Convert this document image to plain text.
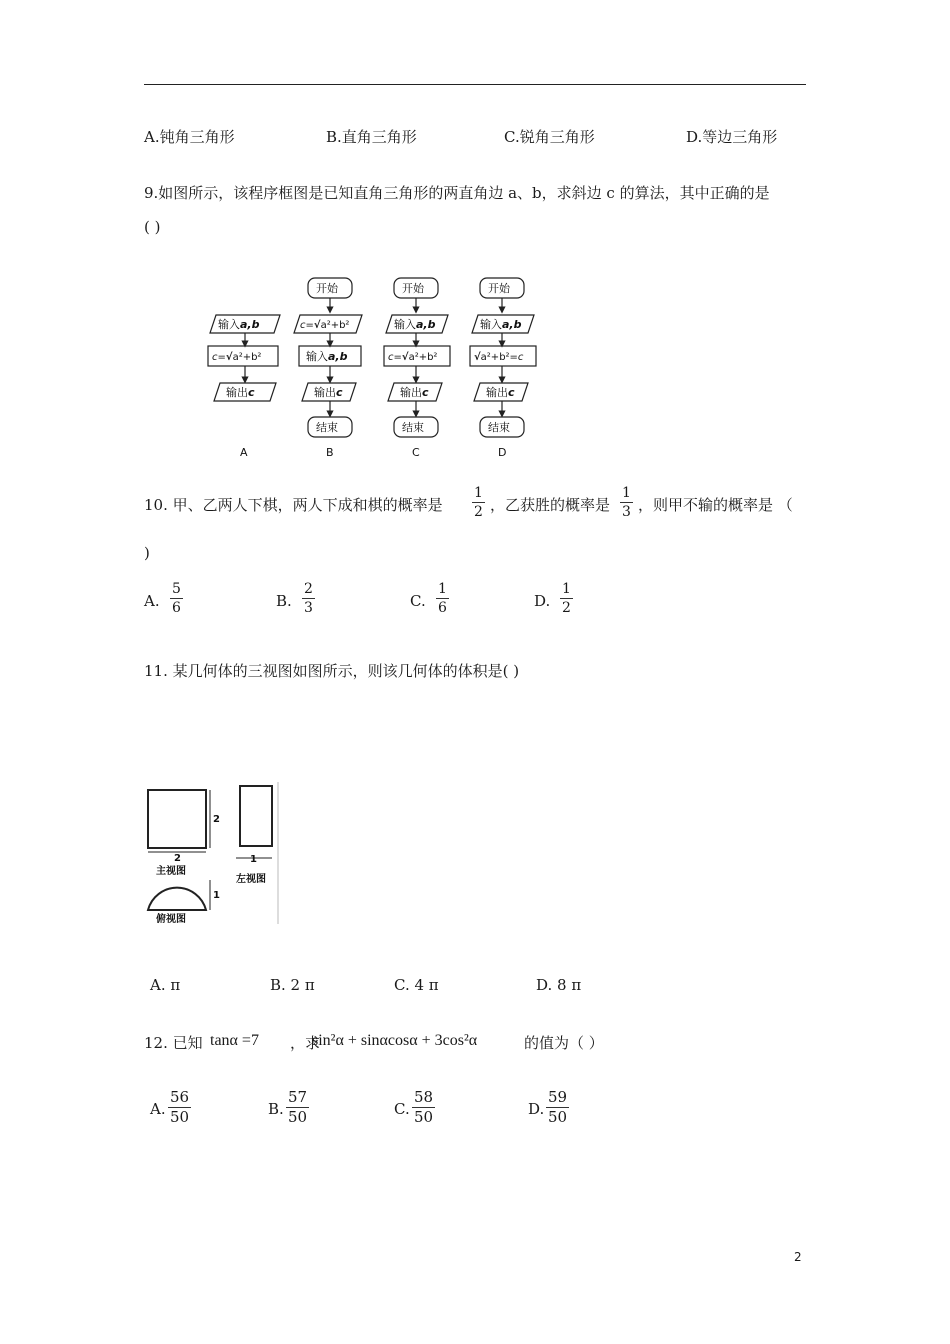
A.钝角三角形	B.直角三角形	C.锐角三角形	D.等边三角形
9.如图所示，该程序框图是已知直角三角形的两直角边 a、b，求斜边 c 的算法，其中正确的是
( )
输入a,b
c=√a²+b²
输出c
开始
c=√a²+b²
输入a,b
输出c
结束
开始
输入a,b
c=√a²+b²
输出c
结束
开始
输入a,b
√a²+b²=c
输出c
结束
A	B	C	D
10. 甲、乙两人下棋，两人下成和棋的概率是
1
2 ，乙获胜的概率是
1
3 ，则甲不输的概率是 （
)
A.
5
6	B.
2
3	C.
1
6	D.
1
2
11. 某几何体的三视图如图所示，则该几何体的体积是( )
2
2
主视图
1
左视图
1
俯视图
A. π	B. 2 π	C. 4 π	D. 8 π
12. 已知 tanα =7 ，求
sin²α + sinαcosα + 3cos²α	的值为（ ）
A.
56
50	B.
57
50	C.
58
50	D.
59
50
2
